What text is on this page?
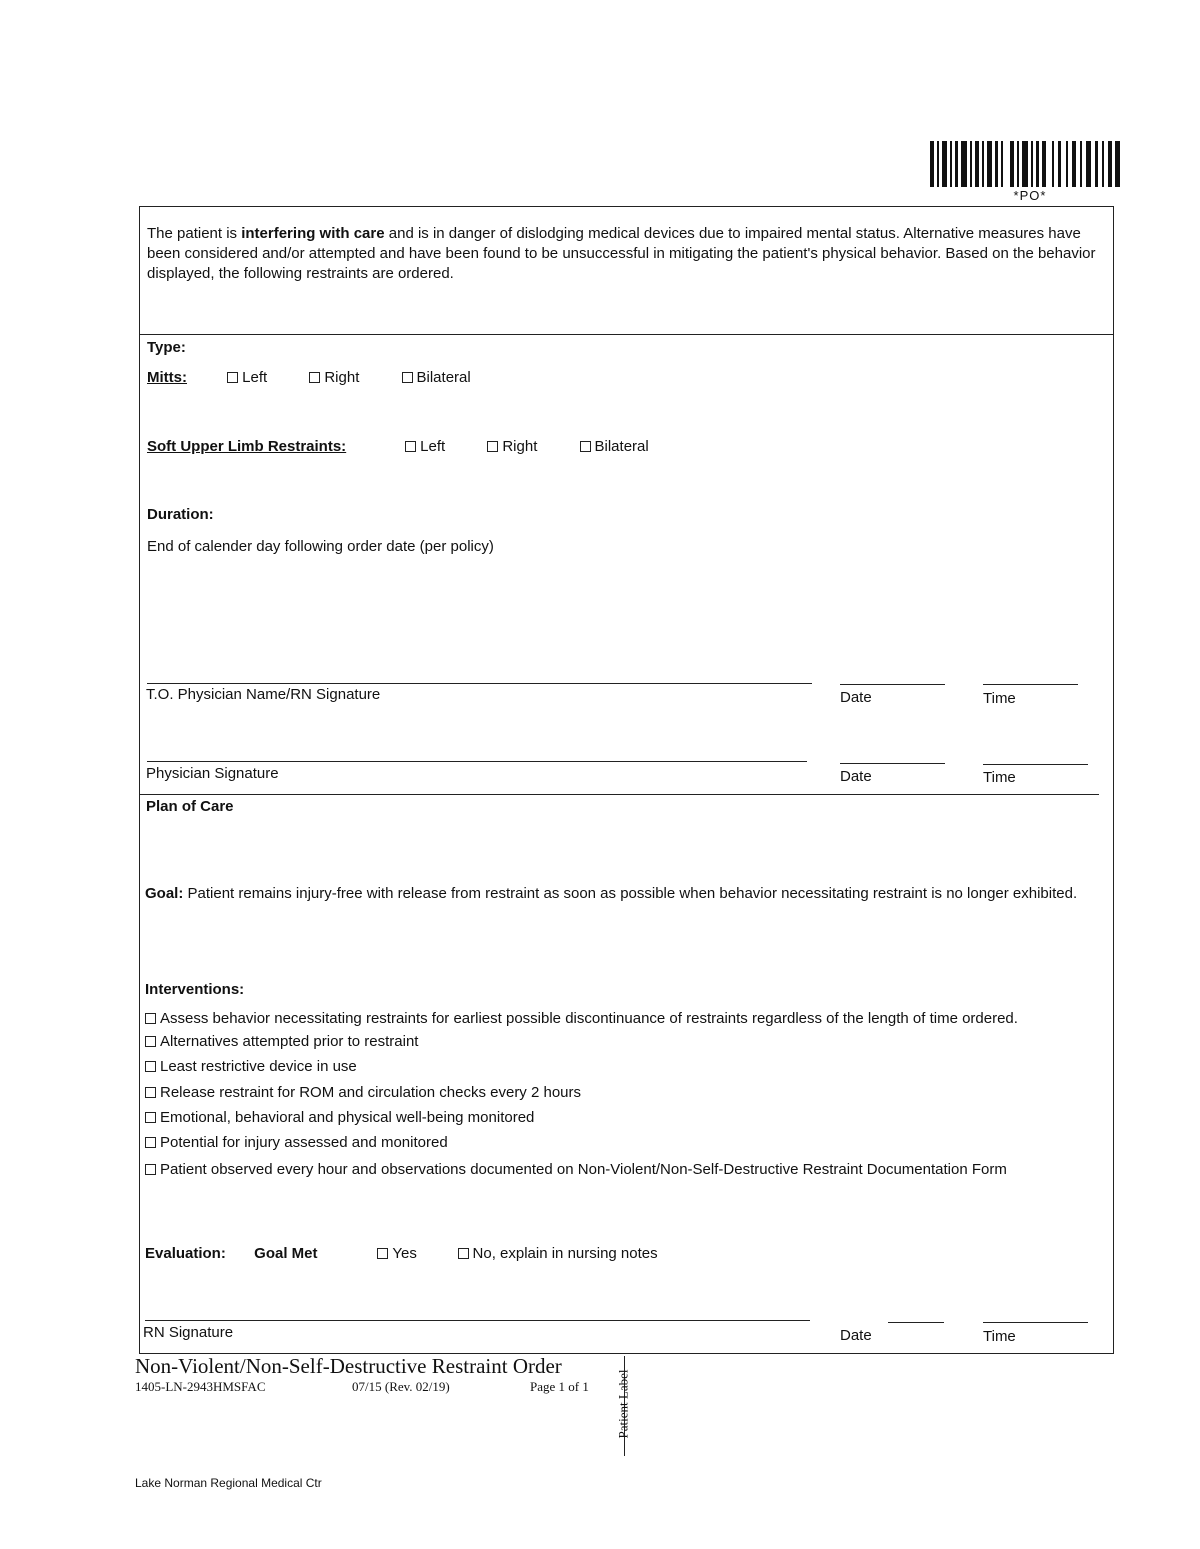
*PO*
The patient is interfering with care and is in danger of dislodging medical devices due to impaired mental status. Alternative measures have been considered and/or attempted and have been found to be unsuccessful in mitigating the patient's physical behavior. Based on the behavior displayed, the following restraints are ordered.
Type:
Mitts:	Left	Right	Bilateral
Soft Upper Limb Restraints:	Left	Right	Bilateral
Duration:
End of calender day following order date (per policy)
T.O. Physician Name/RN Signature	Date	Time
Physician Signature	Date	Time
Plan of Care
Goal: Patient remains injury-free with release from restraint as soon as possible when behavior necessitating restraint is no longer exhibited.
Interventions:
Assess behavior necessitating restraints for earliest possible discontinuance of restraints regardless of the length of time ordered.
Alternatives attempted prior to restraint
Least restrictive device in use
Release restraint for ROM and circulation checks every 2 hours
Emotional, behavioral and physical well-being monitored
Potential for injury assessed and monitored
Patient observed every hour and observations documented on Non-Violent/Non-Self-Destructive Restraint Documentation Form
Evaluation: Goal Met	Yes	No, explain in nursing notes
RN Signature	Date	Time
Non-Violent/Non-Self-Destructive Restraint Order
1405-LN-2943HMSFAC	07/15 (Rev. 02/19)	Page 1 of 1 Patient Label
Lake Norman Regional Medical Ctr
